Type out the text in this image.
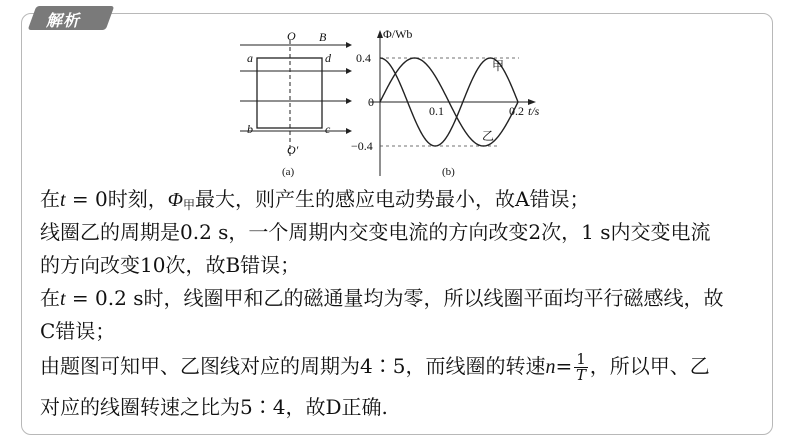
解析
O B
a	d
b	c
O′
(a)
Φ/Wb
0.4
0
−0.4
0.1	0.2 t/s
甲
乙
(b)
在t = 0时刻，$\Phi_甲$最大，则产生的感应电动势最小，故A错误；
线圈乙的周期是0.2 s，一个周期内交变电流的方向改变2次，1 s内交变电流
的方向改变10次，故B错误；
在t = 0.2 s时，线圈甲和乙的磁通量均为零，所以线圈平面均平行磁感线，故
C错误；
由题图可知甲、乙图线对应的周期为4∶5，而线圈的转速$n= \frac{1}{T}$ ，所以甲、乙
对应的线圈转速之比为5∶4，故D正确.
